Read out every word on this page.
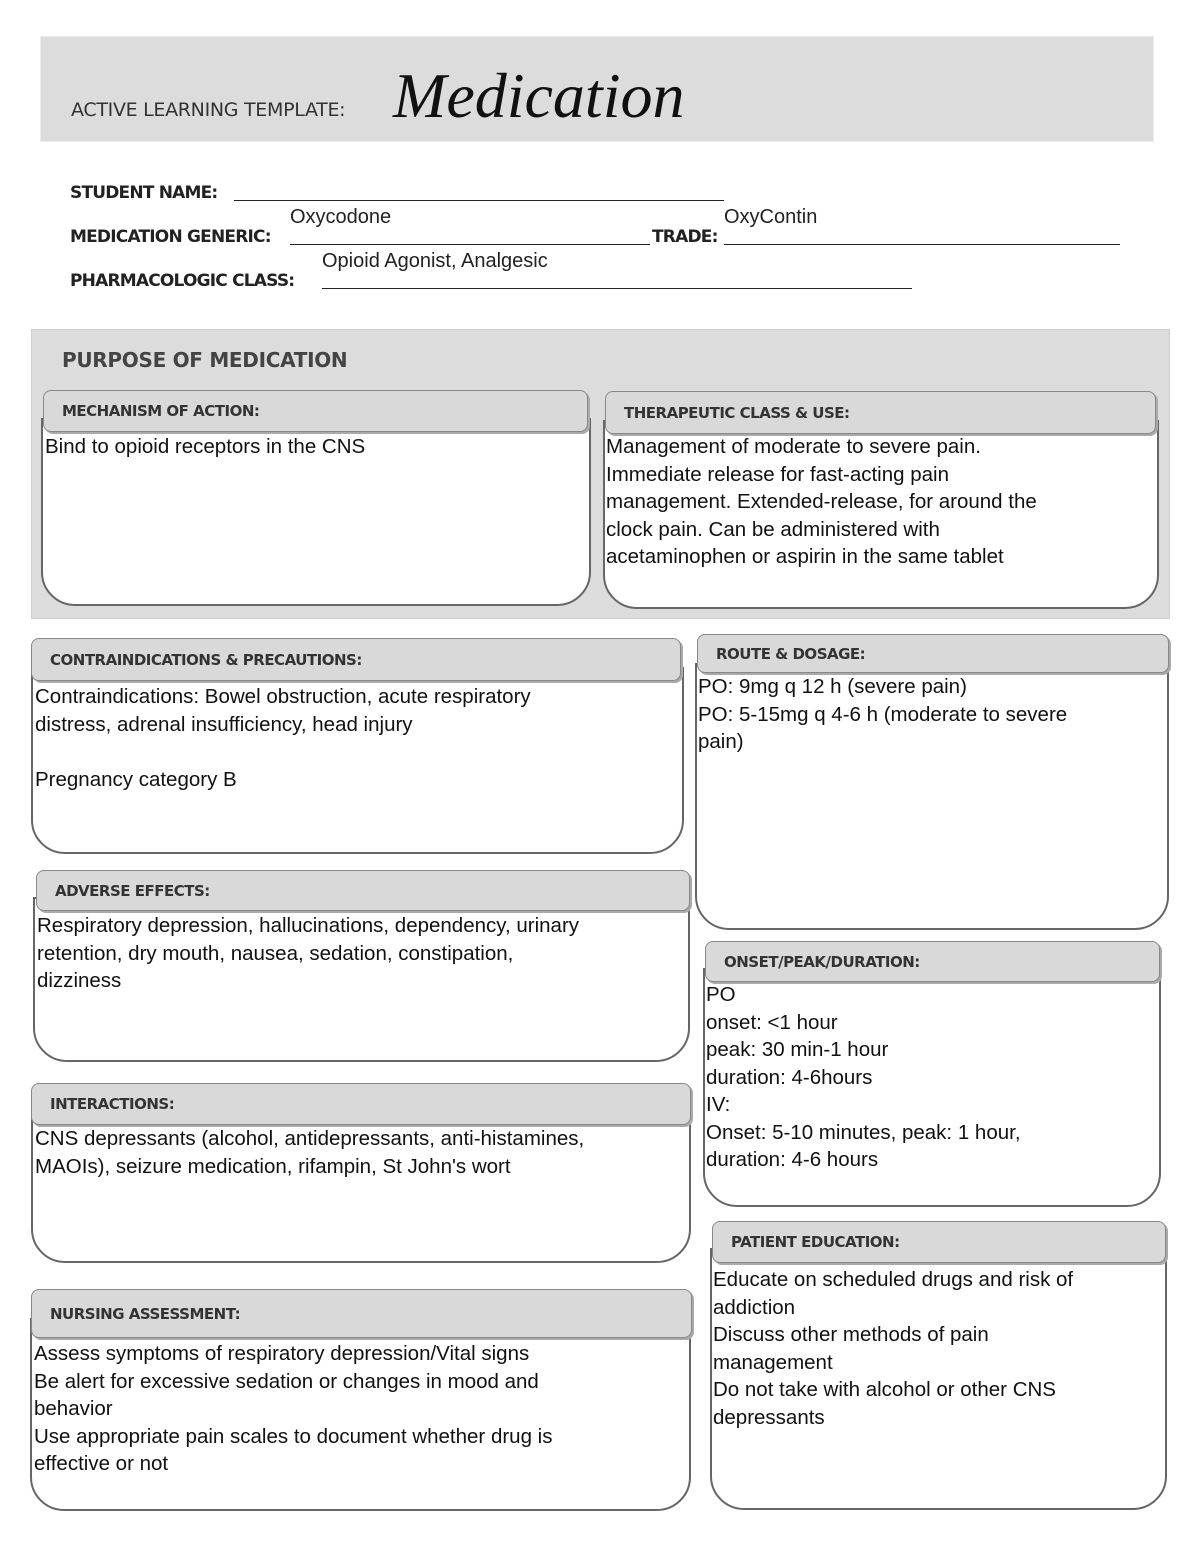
ACTIVE LEARNING TEMPLATE: Medication
STUDENT NAME:
MEDICATION GENERIC:
Oxycodone
TRADE:
OxyContin
PHARMACOLOGIC CLASS:
Opioid Agonist, Analgesic
PURPOSE OF MEDICATION
MECHANISM OF ACTION:

Bind to opioid receptors in the CNS

THERAPEUTIC CLASS & USE:

Management of moderate to severe pain.
Immediate release for fast-acting pain
management. Extended-release, for around the
clock pain. Can be administered with
acetaminophen or aspirin in the same tablet

CONTRAINDICATIONS & PRECAUTIONS:

Contraindications: Bowel obstruction, acute respiratory
distress, adrenal insufficiency, head injury

Pregnancy category B

ROUTE & DOSAGE:

PO: 9mg q 12 h (severe pain)
PO: 5-15mg q 4-6 h (moderate to severe
pain)

ADVERSE EFFECTS:

Respiratory depression, hallucinations, dependency, urinary
retention, dry mouth, nausea, sedation, constipation,
dizziness

ONSET/PEAK/DURATION:

PO
onset: <1 hour
peak: 30 min-1 hour
duration: 4-6hours
IV:
Onset: 5-10 minutes, peak: 1 hour,
duration: 4-6 hours

INTERACTIONS:

CNS depressants (alcohol, antidepressants, anti-histamines,
MAOIs), seizure medication, rifampin, St John's wort

PATIENT EDUCATION:

Educate on scheduled drugs and risk of
addiction
Discuss other methods of pain
management
Do not take with alcohol or other CNS
depressants

NURSING ASSESSMENT:

Assess symptoms of respiratory depression/Vital signs
Be alert for excessive sedation or changes in mood and
behavior
Use appropriate pain scales to document whether drug is
effective or not
